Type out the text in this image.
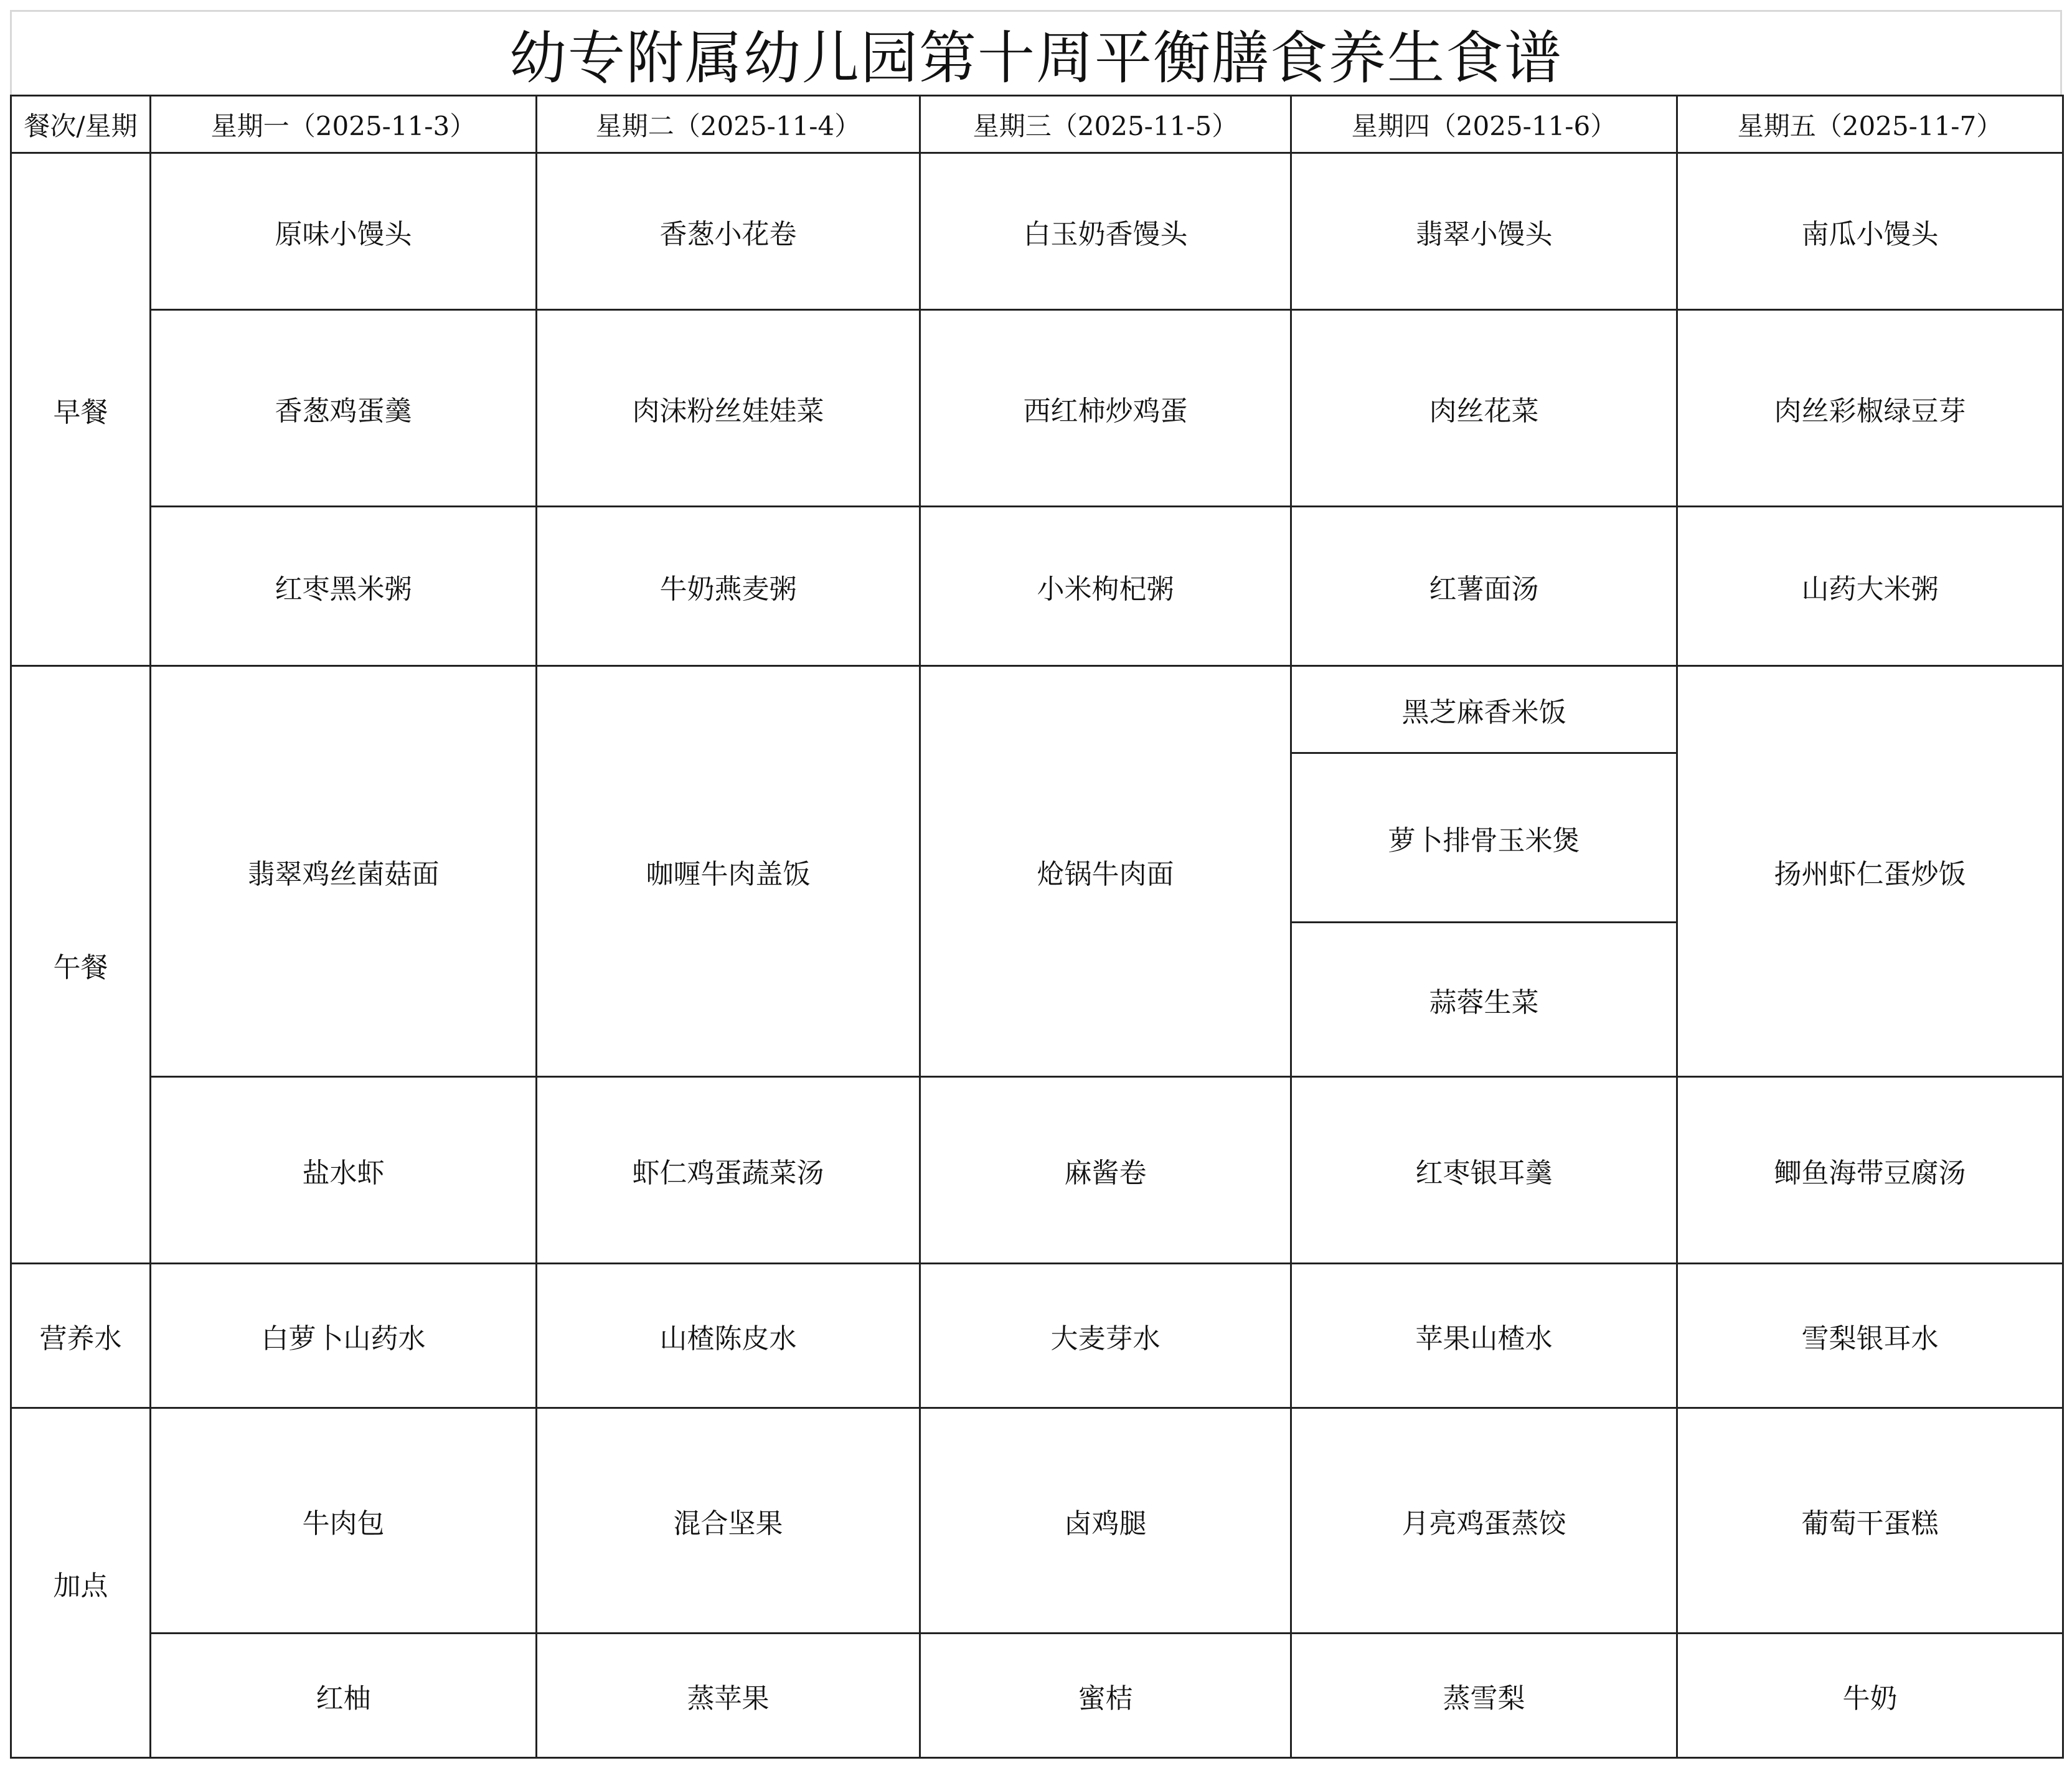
幼专附属幼儿园第十周平衡膳食养生食谱
餐次/星期	星期一（2025-11-3）	星期二（2025-11-4）	星期三（2025-11-5）	星期四（2025-11-6）	星期五（2025-11-7）
早餐	原味小馒头	香葱小花卷	白玉奶香馒头	翡翠小馒头	南瓜小馒头
	香葱鸡蛋羹	肉沫粉丝娃娃菜	西红柿炒鸡蛋	肉丝花菜	肉丝彩椒绿豆芽
	红枣黑米粥	牛奶燕麦粥	小米枸杞粥	红薯面汤	山药大米粥
午餐	翡翠鸡丝菌菇面	咖喱牛肉盖饭	炝锅牛肉面	黑芝麻香米饭	扬州虾仁蛋炒饭
				萝卜排骨玉米煲	
				蒜蓉生菜	
	盐水虾	虾仁鸡蛋蔬菜汤	麻酱卷	红枣银耳羹	鲫鱼海带豆腐汤
营养水	白萝卜山药水	山楂陈皮水	大麦芽水	苹果山楂水	雪梨银耳水
加点	牛肉包	混合坚果	卤鸡腿	月亮鸡蛋蒸饺	葡萄干蛋糕
	红柚	蒸苹果	蜜桔	蒸雪梨	牛奶
